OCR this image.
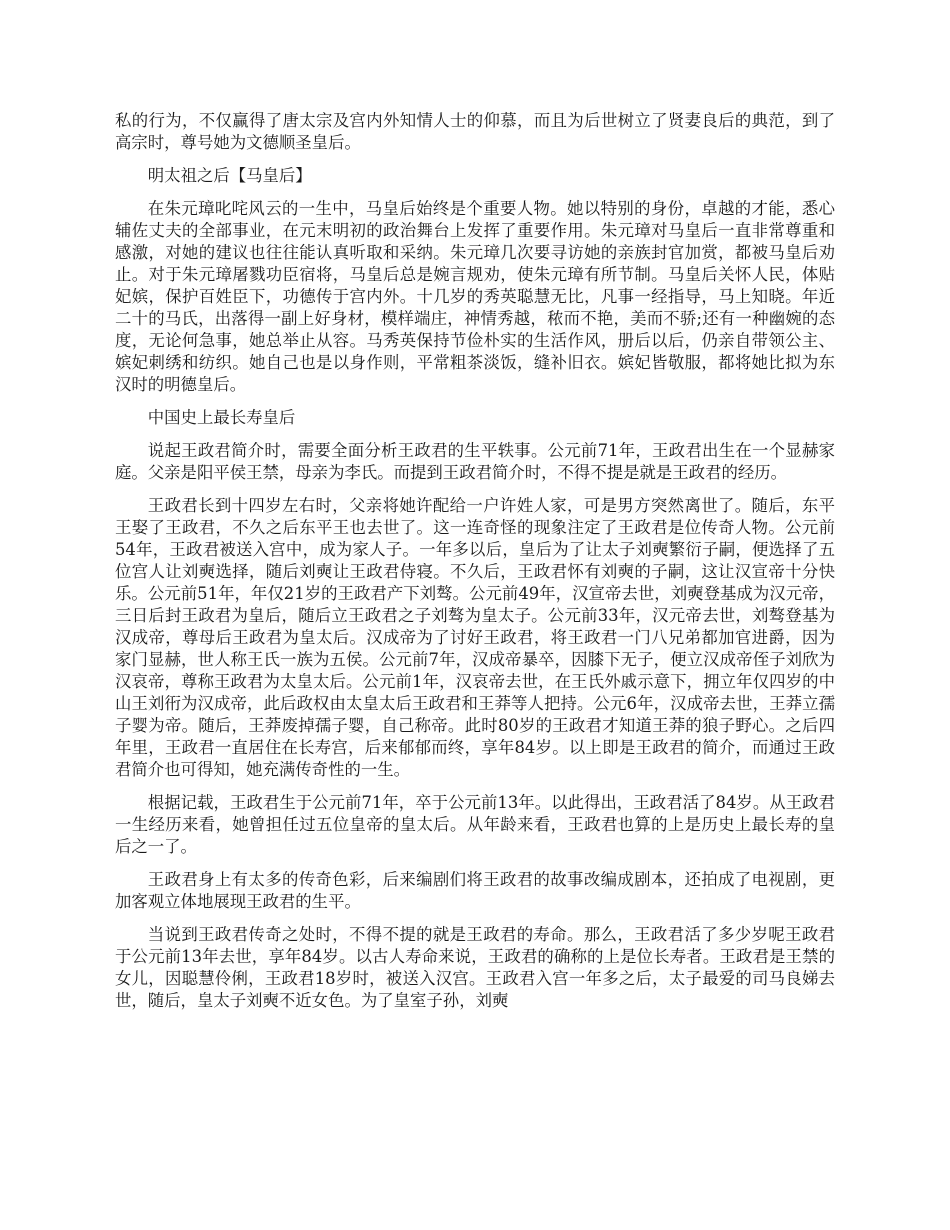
私的行为，不仅赢得了唐太宗及宫内外知情人士的仰慕，而且为后世树立了贤妻良后的典范，到了高宗时，尊号她为文德顺圣皇后。

明太祖之后【马皇后】

在朱元璋叱咤风云的一生中，马皇后始终是个重要人物。她以特别的身份，卓越的才能，悉心辅佐丈夫的全部事业，在元末明初的政治舞台上发挥了重要作用。朱元璋对马皇后一直非常尊重和感激，对她的建议也往往能认真听取和采纳。朱元璋几次要寻访她的亲族封官加赏，都被马皇后劝止。对于朱元璋屠戮功臣宿将，马皇后总是婉言规劝，使朱元璋有所节制。马皇后关怀人民，体贴妃嫔，保护百姓臣下，功德传于宫内外。十几岁的秀英聪慧无比，凡事一经指导，马上知晓。年近二十的马氏，出落得一副上好身材，模样端庄，神情秀越，秾而不艳，美而不骄;还有一种幽婉的态度，无论何急事，她总举止从容。马秀英保持节俭朴实的生活作风，册后以后，仍亲自带领公主、嫔妃刺绣和纺织。她自己也是以身作则，平常粗茶淡饭，缝补旧衣。嫔妃皆敬服，都将她比拟为东汉时的明德皇后。

中国史上最长寿皇后

说起王政君简介时，需要全面分析王政君的生平轶事。公元前71年，王政君出生在一个显赫家庭。父亲是阳平侯王禁，母亲为李氏。而提到王政君简介时，不得不提是就是王政君的经历。

王政君长到十四岁左右时，父亲将她许配给一户许姓人家，可是男方突然离世了。随后，东平王娶了王政君，不久之后东平王也去世了。这一连奇怪的现象注定了王政君是位传奇人物。公元前54年，王政君被送入宫中，成为家人子。一年多以后，皇后为了让太子刘奭繁衍子嗣，便选择了五位宫人让刘奭选择，随后刘奭让王政君侍寝。不久后，王政君怀有刘奭的子嗣，这让汉宣帝十分快乐。公元前51年，年仅21岁的王政君产下刘骜。公元前49年，汉宣帝去世，刘奭登基成为汉元帝，三日后封王政君为皇后，随后立王政君之子刘骜为皇太子。公元前33年，汉元帝去世，刘骜登基为汉成帝，尊母后王政君为皇太后。汉成帝为了讨好王政君，将王政君一门八兄弟都加官进爵，因为家门显赫，世人称王氏一族为五侯。公元前7年，汉成帝暴卒，因膝下无子，便立汉成帝侄子刘欣为汉哀帝，尊称王政君为太皇太后。公元前1年，汉哀帝去世，在王氏外戚示意下，拥立年仅四岁的中山王刘衎为汉成帝，此后政权由太皇太后王政君和王莽等人把持。公元6年，汉成帝去世，王莽立孺子婴为帝。随后，王莽废掉孺子婴，自己称帝。此时80岁的王政君才知道王莽的狼子野心。之后四年里，王政君一直居住在长寿宫，后来郁郁而终，享年84岁。以上即是王政君的简介，而通过王政君简介也可得知，她充满传奇性的一生。

根据记载，王政君生于公元前71年，卒于公元前13年。以此得出，王政君活了84岁。从王政君一生经历来看，她曾担任过五位皇帝的皇太后。从年龄来看，王政君也算的上是历史上最长寿的皇后之一了。

王政君身上有太多的传奇色彩，后来编剧们将王政君的故事改编成剧本，还拍成了电视剧，更加客观立体地展现王政君的生平。

当说到王政君传奇之处时，不得不提的就是王政君的寿命。那么，王政君活了多少岁呢王政君于公元前13年去世，享年84岁。以古人寿命来说，王政君的确称的上是位长寿者。王政君是王禁的女儿，因聪慧伶俐，王政君18岁时，被送入汉宫。王政君入宫一年多之后，太子最爱的司马良娣去世，随后，皇太子刘奭不近女色。为了皇室子孙，刘奭
